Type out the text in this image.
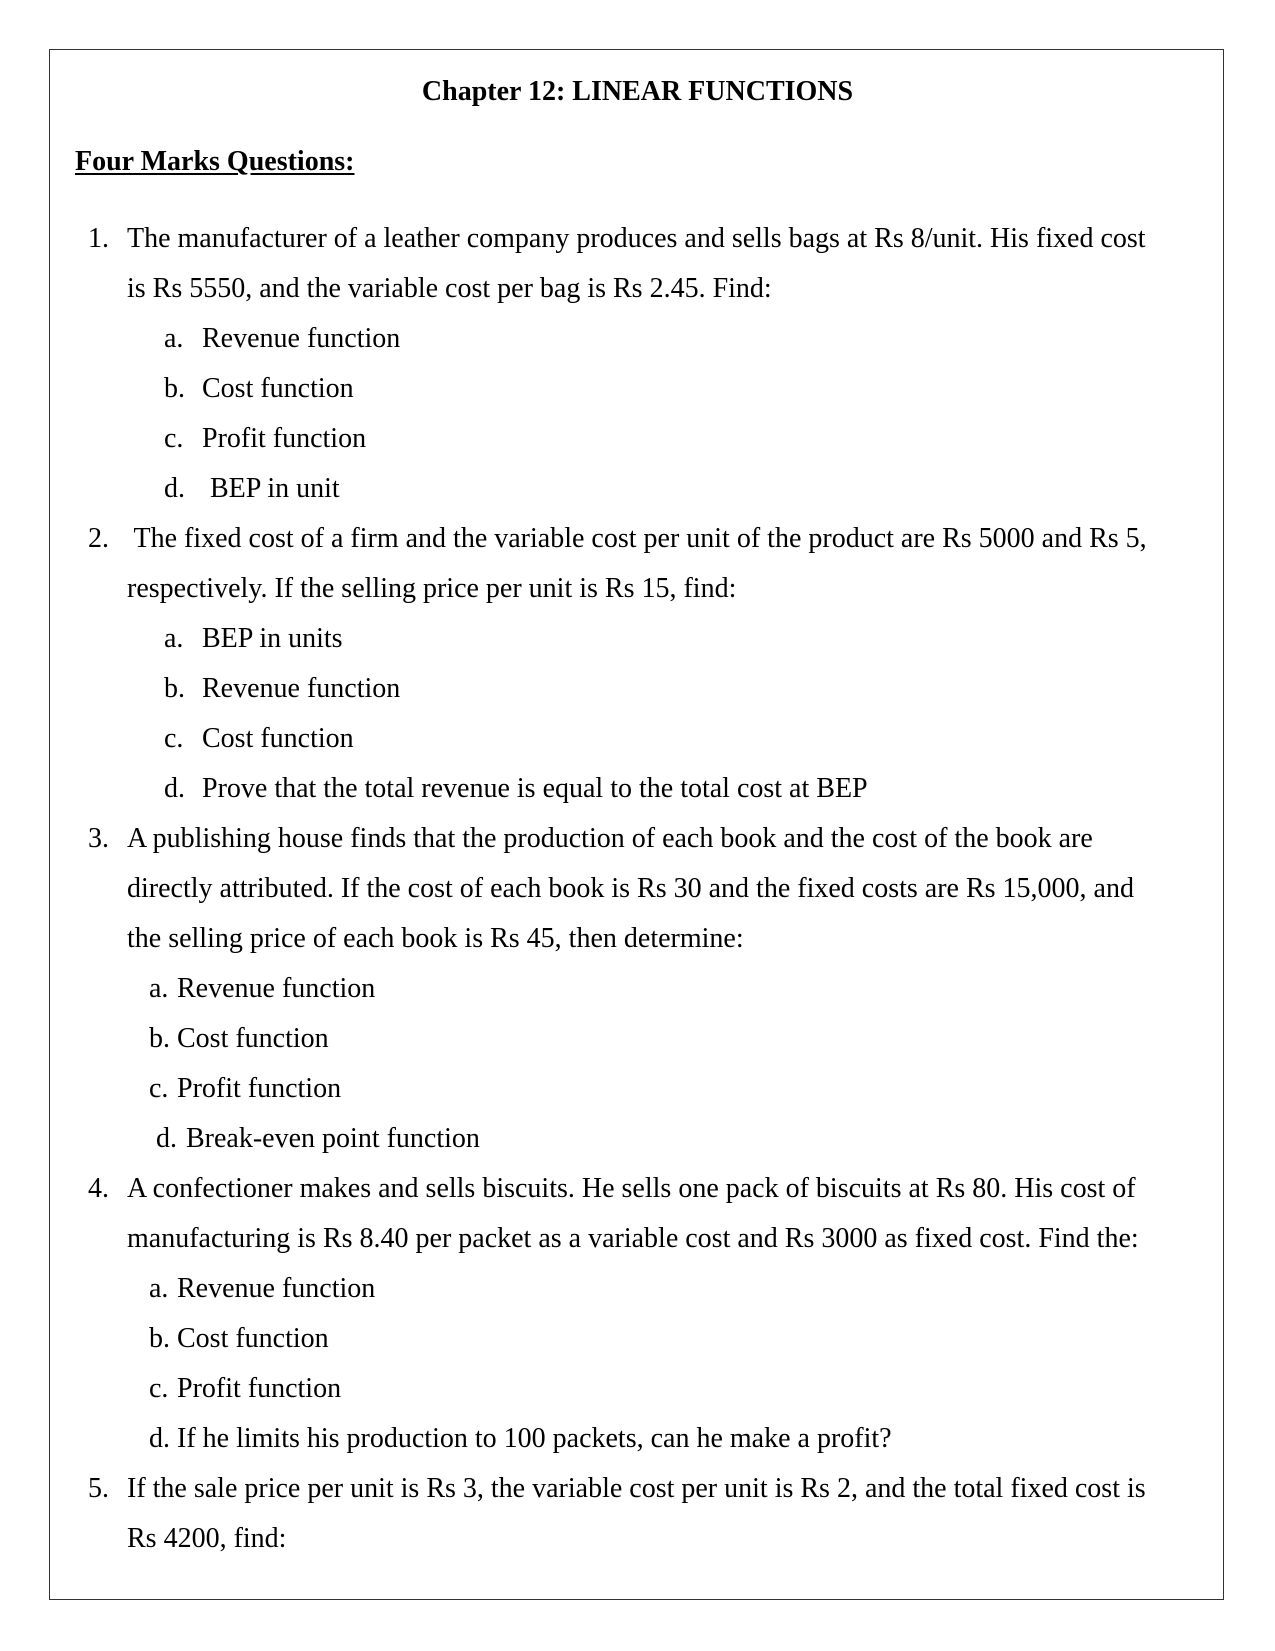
Chapter 12: LINEAR FUNCTIONS
Four Marks Questions:
1. The manufacturer of a leather company produces and sells bags at Rs 8/unit. His fixed cost
is Rs 5550, and the variable cost per bag is Rs 2.45. Find:
a. Revenue function
b. Cost function
c. Profit function
d. BEP in unit
2. The fixed cost of a firm and the variable cost per unit of the product are Rs 5000 and Rs 5,
respectively. If the selling price per unit is Rs 15, find:
a. BEP in units
b. Revenue function
c. Cost function
d. Prove that the total revenue is equal to the total cost at BEP
3. A publishing house finds that the production of each book and the cost of the book are
directly attributed. If the cost of each book is Rs 30 and the fixed costs are Rs 15,000, and
the selling price of each book is Rs 45, then determine:
a. Revenue function
b. Cost function
c. Profit function
d. Break-even point function
4. A confectioner makes and sells biscuits. He sells one pack of biscuits at Rs 80. His cost of
manufacturing is Rs 8.40 per packet as a variable cost and Rs 3000 as fixed cost. Find the:
a. Revenue function
b. Cost function
c. Profit function
d. If he limits his production to 100 packets, can he make a profit?
5. If the sale price per unit is Rs 3, the variable cost per unit is Rs 2, and the total fixed cost is
Rs 4200, find:
